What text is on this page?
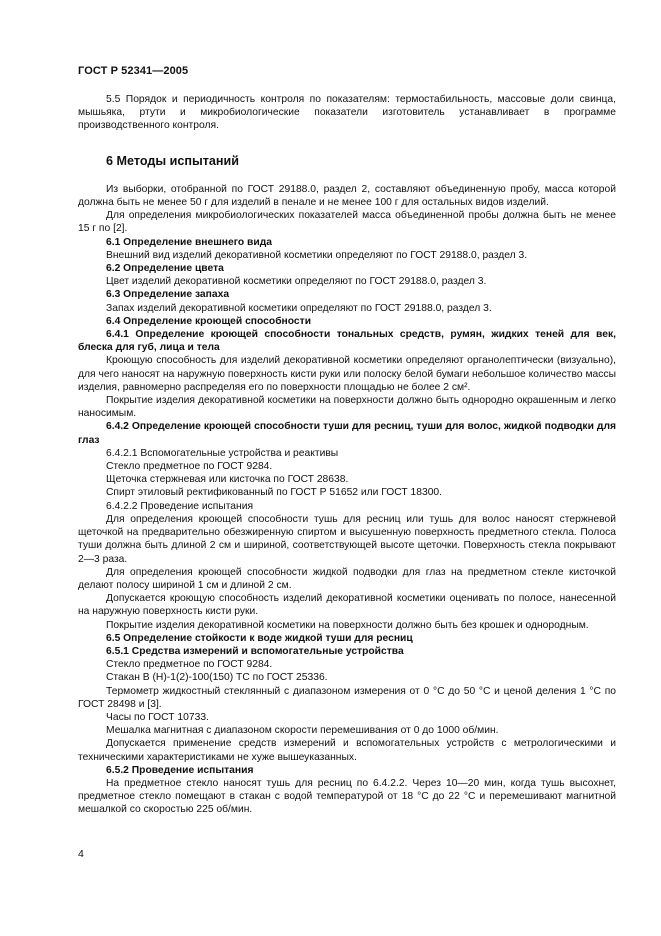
ГОСТ Р 52341—2005

5.5 Порядок и периодичность контроля по показателям: термостабильность, массовые доли свинца, мышьяка, ртути и микробиологические показатели изготовитель устанавливает в программе производственного контроля.

6 Методы испытаний

Из выборки, отобранной по ГОСТ 29188.0, раздел 2, составляют объединенную пробу, масса которой должна быть не менее 50 г для изделий в пенале и не менее 100 г для остальных видов изделий.

Для определения микробиологических показателей масса объединенной пробы должна быть не менее 15 г по [2].

6.1 Определение внешнего вида

Внешний вид изделий декоративной косметики определяют по ГОСТ 29188.0, раздел 3.

6.2 Определение цвета

Цвет изделий декоративной косметики определяют по ГОСТ 29188.0, раздел 3.

6.3 Определение запаха

Запах изделий декоративной косметики определяют по ГОСТ 29188.0, раздел 3.

6.4 Определение кроющей способности

6.4.1 Определение кроющей способности тональных средств, румян, жидких теней для век, блеска для губ, лица и тела

Кроющую способность для изделий декоративной косметики определяют органолептически (визуально), для чего наносят на наружную поверхность кисти руки или полоску белой бумаги небольшое количество массы изделия, равномерно распределяя его по поверхности площадью не более 2 см².

Покрытие изделия декоративной косметики на поверхности должно быть однородно окрашенным и легко наносимым.

6.4.2 Определение кроющей способности туши для ресниц, туши для волос, жидкой подводки для глаз

6.4.2.1 Вспомогательные устройства и реактивы

Стекло предметное по ГОСТ 9284.

Щеточка стержневая или кисточка по ГОСТ 28638.

Спирт этиловый ректификованный по ГОСТ Р 51652 или ГОСТ 18300.

6.4.2.2 Проведение испытания

Для определения кроющей способности тушь для ресниц или тушь для волос наносят стержневой щеточкой на предварительно обезжиренную спиртом и высушенную поверхность предметного стекла. Полоса туши должна быть длиной 2 см и шириной, соответствующей высоте щеточки. Поверхность стекла покрывают 2—3 раза.

Для определения кроющей способности жидкой подводки для глаз на предметном стекле кисточкой делают полосу шириной 1 см и длиной 2 см.

Допускается кроющую способность изделий декоративной косметики оценивать по полосе, нанесенной на наружную поверхность кисти руки.

Покрытие изделия декоративной косметики на поверхности должно быть без крошек и однородным.

6.5 Определение стойкости к воде жидкой туши для ресниц

6.5.1 Средства измерений и вспомогательные устройства

Стекло предметное по ГОСТ 9284.

Стакан В (Н)-1(2)-100(150) ТС по ГОСТ 25336.

Термометр жидкостный стеклянный с диапазоном измерения от 0 °С до 50 °С и ценой деления 1 °С по ГОСТ 28498 и [3].

Часы по ГОСТ 10733.

Мешалка магнитная с диапазоном скорости перемешивания от 0 до 1000 об/мин.

Допускается применение средств измерений и вспомогательных устройств с метрологическими и техническими характеристиками не хуже вышеуказанных.

6.5.2 Проведение испытания

На предметное стекло наносят тушь для ресниц по 6.4.2.2. Через 10—20 мин, когда тушь высохнет, предметное стекло помещают в стакан с водой температурой от 18 °С до 22 °С и перемешивают магнитной мешалкой со скоростью 225 об/мин.

4
